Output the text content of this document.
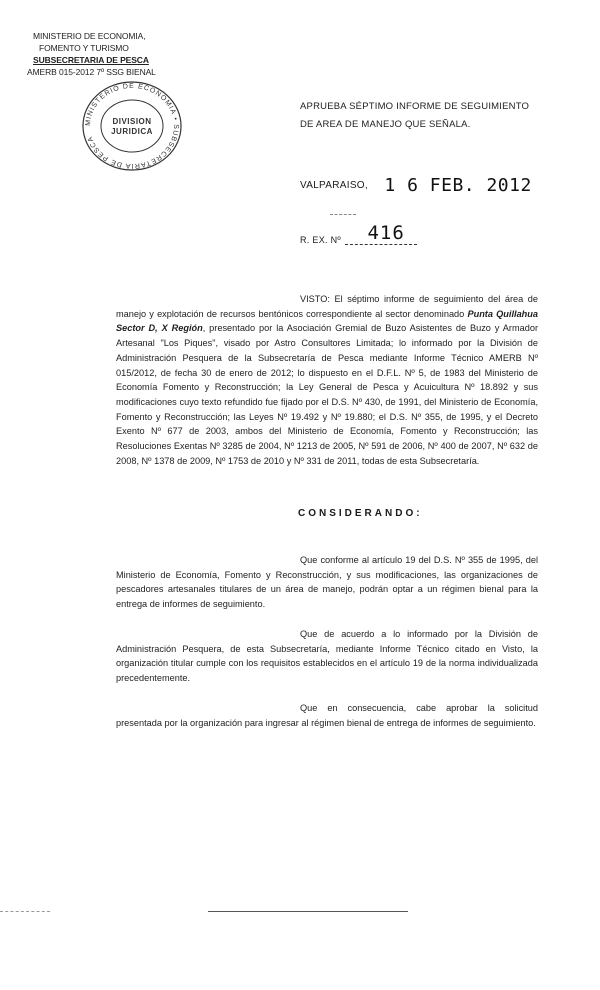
MINISTERIO DE ECONOMIA,
FOMENTO Y TURISMO
SUBSECRETARIA DE PESCA
AMERB 015-2012 7º SSG BIENAL
MINISTERIO DE ECONOMIA • SUBSECRETARIA DE PESCA
DIVISION
JURIDICA
APRUEBA SÉPTIMO INFORME DE SEGUIMIENTO DE AREA DE MANEJO QUE SEÑALA.
VALPARAISO, 1 6 FEB. 2012
R. EX. Nº 416
VISTO: El séptimo informe de seguimiento del área de manejo y explotación de recursos bentónicos correspondiente al sector denominado Punta Quillahua Sector D, X Región, presentado por la Asociación Gremial de Buzo Asistentes de Buzo y Armador Artesanal "Los Piques", visado por Astro Consultores Limitada; lo informado por la División de Administración Pesquera de la Subsecretaría de Pesca mediante Informe Técnico AMERB Nº 015/2012, de fecha 30 de enero de 2012; lo dispuesto en el D.F.L. Nº 5, de 1983 del Ministerio de Economía Fomento y Reconstrucción; la Ley General de Pesca y Acuicultura Nº 18.892 y sus modificaciones cuyo texto refundido fue fijado por el D.S. Nº 430, de 1991, del Ministerio de Economía, Fomento y Reconstrucción; las Leyes Nº 19.492 y Nº 19.880; el D.S. Nº 355, de 1995, y el Decreto Exento Nº 677 de 2003, ambos del Ministerio de Economía, Fomento y Reconstrucción; las Resoluciones Exentas Nº 3285 de 2004, Nº 1213 de 2005, Nº 591 de 2006, Nº 400 de 2007, Nº 632 de 2008, Nº 1378 de 2009, Nº 1753 de 2010 y Nº 331 de 2011, todas de esta Subsecretaría.
CONSIDERANDO:
Que conforme al artículo 19 del D.S. Nº 355 de 1995, del Ministerio de Economía, Fomento y Reconstrucción, y sus modificaciones, las organizaciones de pescadores artesanales titulares de un área de manejo, podrán optar a un régimen bienal para la entrega de informes de seguimiento.
Que de acuerdo a lo informado por la División de Administración Pesquera, de esta Subsecretaría, mediante Informe Técnico citado en Visto, la organización titular cumple con los requisitos establecidos en el artículo 19 de la norma individualizada precedentemente.
Que en consecuencia, cabe aprobar la solicitud presentada por la organización para ingresar al régimen bienal de entrega de informes de seguimiento.
